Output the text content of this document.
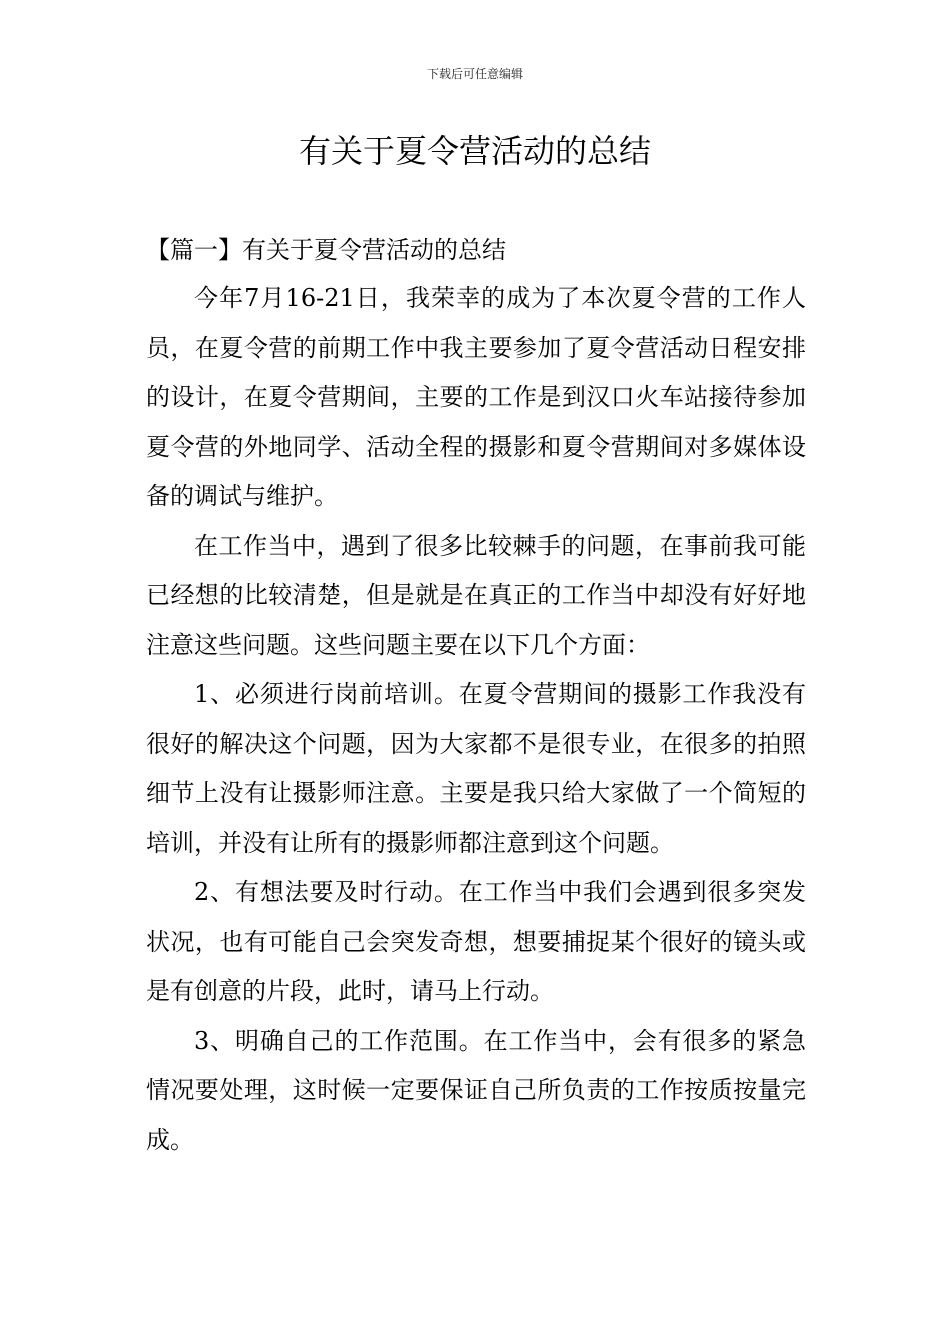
下载后可任意编辑
有关于夏令营活动的总结
【篇一】有关于夏令营活动的总结

今年7月16-21日，我荣幸的成为了本次夏令营的工作人员，在夏令营的前期工作中我主要参加了夏令营活动日程安排的设计，在夏令营期间，主要的工作是到汉口火车站接待参加夏令营的外地同学、活动全程的摄影和夏令营期间对多媒体设备的调试与维护。

在工作当中，遇到了很多比较棘手的问题，在事前我可能已经想的比较清楚，但是就是在真正的工作当中却没有好好地注意这些问题。这些问题主要在以下几个方面：

1、必须进行岗前培训。在夏令营期间的摄影工作我没有很好的解决这个问题，因为大家都不是很专业，在很多的拍照细节上没有让摄影师注意。主要是我只给大家做了一个简短的培训，并没有让所有的摄影师都注意到这个问题。

2、有想法要及时行动。在工作当中我们会遇到很多突发状况，也有可能自己会突发奇想，想要捕捉某个很好的镜头或是有创意的片段，此时，请马上行动。

3、明确自己的工作范围。在工作当中，会有很多的紧急情况要处理，这时候一定要保证自己所负责的工作按质按量完成。
